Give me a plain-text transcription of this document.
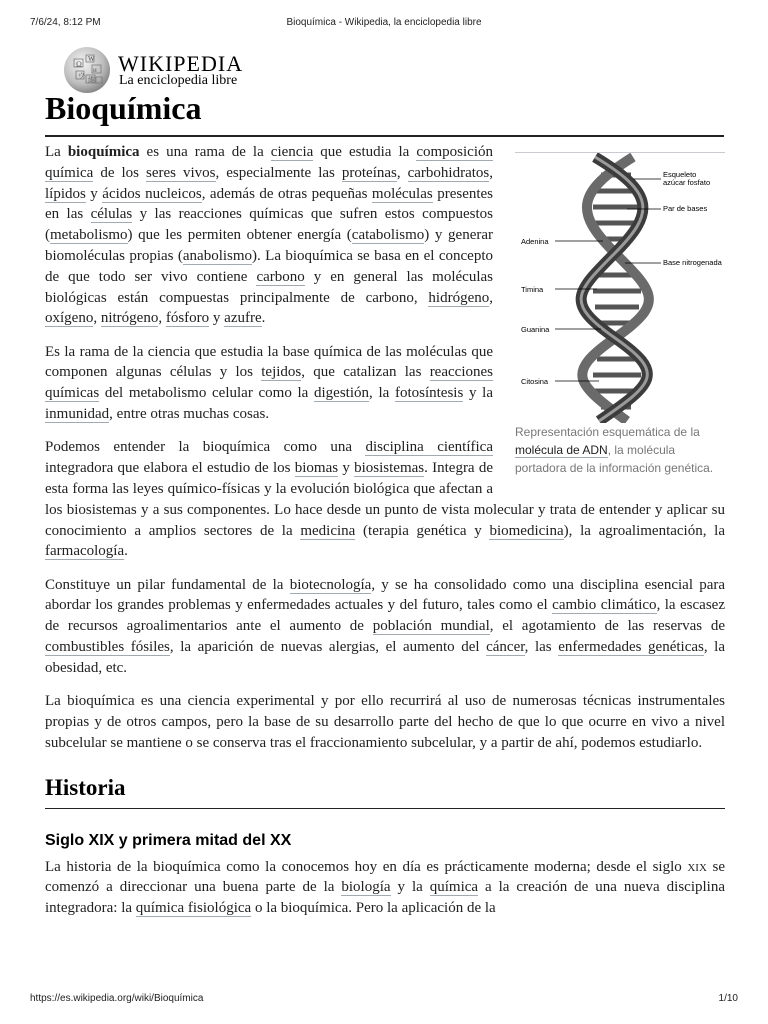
7/6/24, 8:12 PM	Bioquímica - Wikipedia, la enciclopedia libre
Ω
W
и
ウ 維
WIKIPEDIA
La enciclopedia libre
Bioquímica
Esqueleto
azúcar fosfato
Par de bases
Adenina
Base nitrogenada
Timina
Guanina
Citosina
Representación esquemática de la molécula de ADN, la molécula portadora de la información genética.

La bioquímica es una rama de la ciencia que estudia la composición química de los seres vivos, especialmente las proteínas, carbohidratos, lípidos y ácidos nucleicos, además de otras pequeñas moléculas presentes en las células y las reacciones químicas que sufren estos compuestos (metabolismo) que les permiten obtener energía (catabolismo) y generar biomoléculas propias (anabolismo). La bioquímica se basa en el concepto de que todo ser vivo contiene carbono y en general las moléculas biológicas están compuestas principalmente de carbono, hidrógeno, oxígeno, nitrógeno, fósforo y azufre.

Es la rama de la ciencia que estudia la base química de las moléculas que componen algunas células y los tejidos, que catalizan las reacciones químicas del metabolismo celular como la digestión, la fotosíntesis y la inmunidad, entre otras muchas cosas.

Podemos entender la bioquímica como una disciplina científica integradora que elabora el estudio de los biomas y biosistemas. Integra de esta forma las leyes químico-físicas y la evolución biológica que afectan a los biosistemas y a sus componentes. Lo hace desde un punto de vista molecular y trata de entender y aplicar su conocimiento a amplios sectores de la medicina (terapia genética y biomedicina), la agroalimentación, la farmacología.

Constituye un pilar fundamental de la biotecnología, y se ha consolidado como una disciplina esencial para abordar los grandes problemas y enfermedades actuales y del futuro, tales como el cambio climático, la escasez de recursos agroalimentarios ante el aumento de población mundial, el agotamiento de las reservas de combustibles fósiles, la aparición de nuevas alergias, el aumento del cáncer, las enfermedades genéticas, la obesidad, etc.

La bioquímica es una ciencia experimental y por ello recurrirá al uso de numerosas técnicas instrumentales propias y de otros campos, pero la base de su desarrollo parte del hecho de que lo que ocurre en vivo a nivel subcelular se mantiene o se conserva tras el fraccionamiento subcelular, y a partir de ahí, podemos estudiarlo.

Historia
Siglo XIX y primera mitad del XX

La historia de la bioquímica como la conocemos hoy en día es prácticamente moderna; desde el siglo xix se comenzó a direccionar una buena parte de la biología y la química a la creación de una nueva disciplina integradora: la química fisiológica o la bioquímica. Pero la aplicación de la

https://es.wikipedia.org/wiki/Bioquímica	1/10
